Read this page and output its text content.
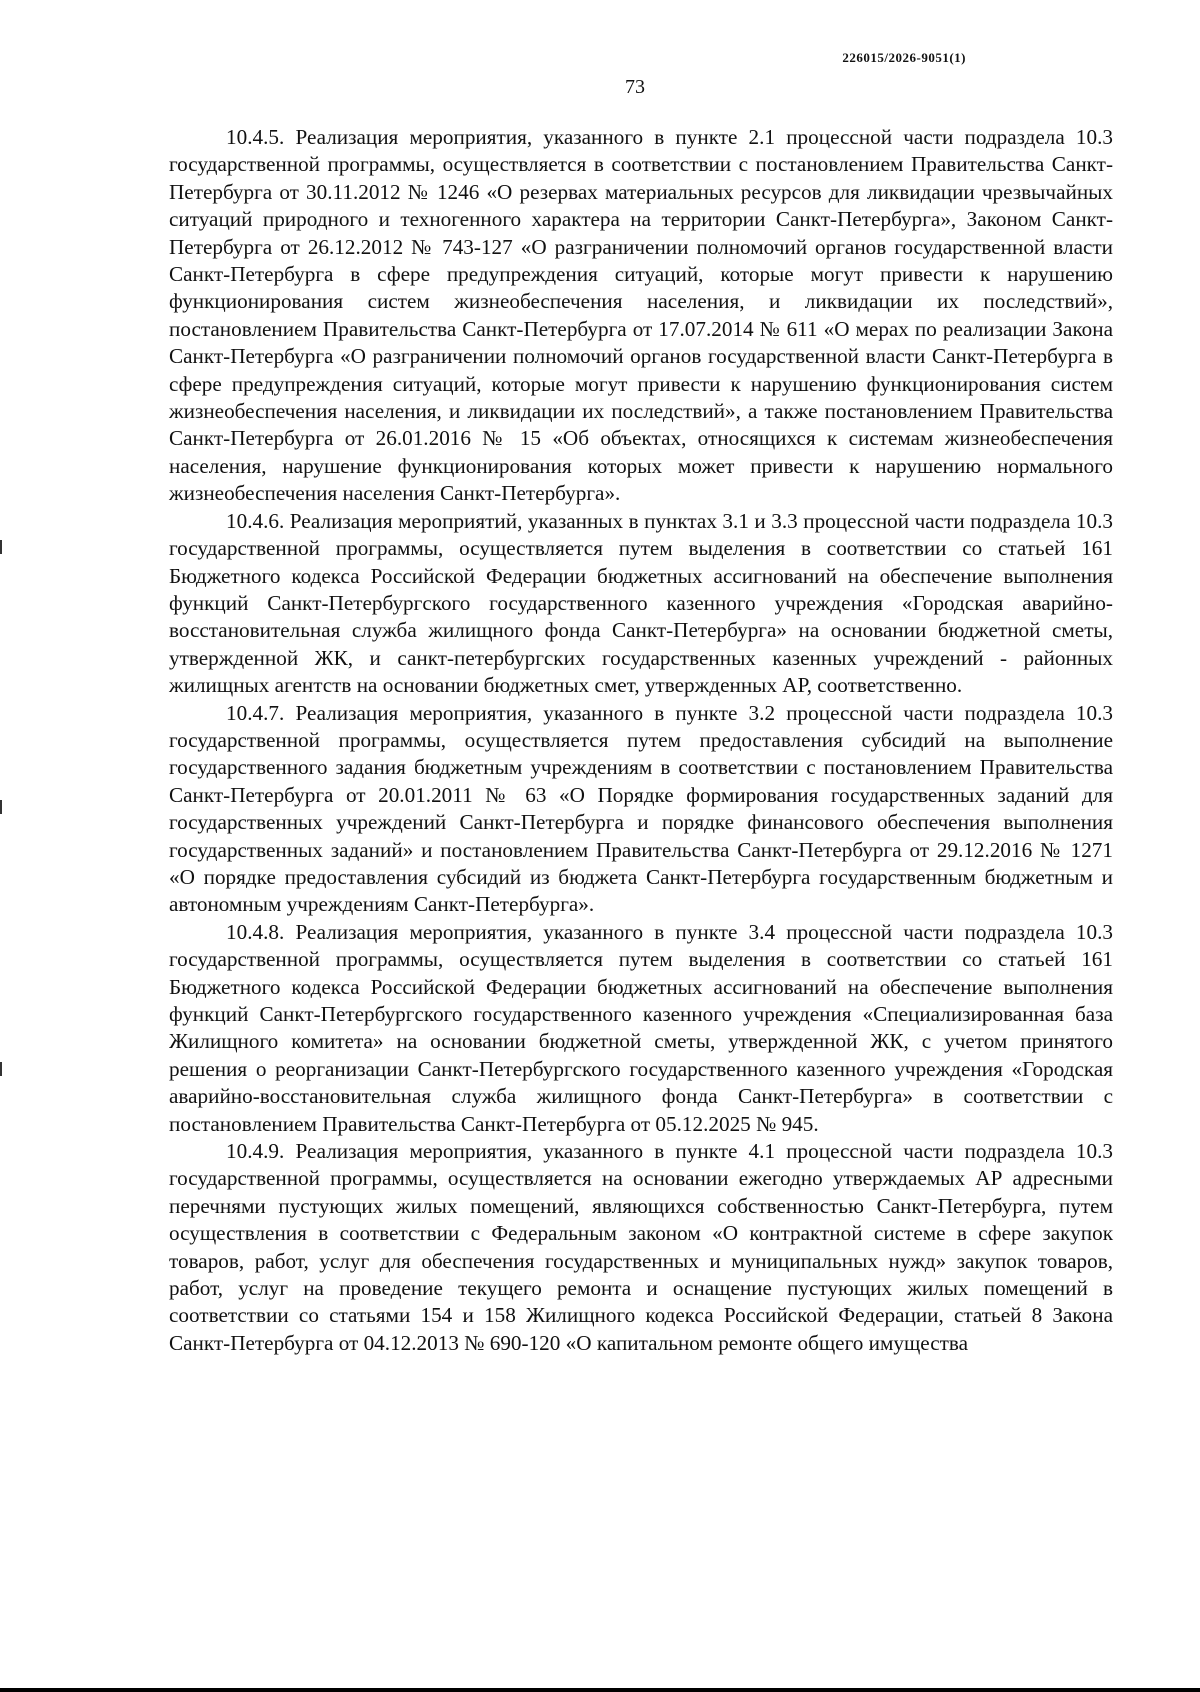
226015/2026-9051(1)
73

10.4.5. Реализация мероприятия, указанного в пункте 2.1 процессной части подраздела 10.3 государственной программы, осуществляется в соответствии с постановлением Правительства Санкт-Петербурга от 30.11.2012 № 1246 «О резервах материальных ресурсов для ликвидации чрезвычайных ситуаций природного и техногенного характера на территории Санкт-Петербурга», Законом Санкт-Петербурга от 26.12.2012 № 743-127 «О разграничении полномочий органов государственной власти Санкт-Петербурга в сфере предупреждения ситуаций, которые могут привести к нарушению функционирования систем жизнеобеспечения населения, и ликвидации их последствий», постановлением Правительства Санкт-Петербурга от 17.07.2014 № 611 «О мерах по реализации Закона Санкт-Петербурга «О разграничении полномочий органов государственной власти Санкт-Петербурга в сфере предупреждения ситуаций, которые могут привести к нарушению функционирования систем жизнеобеспечения населения, и ликвидации их последствий», а также постановлением Правительства Санкт-Петербурга от 26.01.2016 № 15 «Об объектах, относящихся к системам жизнеобеспечения населения, нарушение функционирования которых может привести к нарушению нормального жизнеобеспечения населения Санкт-Петербурга».

10.4.6. Реализация мероприятий, указанных в пунктах 3.1 и 3.3 процессной части подраздела 10.3 государственной программы, осуществляется путем выделения в соответствии со статьей 161 Бюджетного кодекса Российской Федерации бюджетных ассигнований на обеспечение выполнения функций Санкт-Петербургского государственного казенного учреждения «Городская аварийно-восстановительная служба жилищного фонда Санкт-Петербурга» на основании бюджетной сметы, утвержденной ЖК, и санкт-петербургских государственных казенных учреждений - районных жилищных агентств на основании бюджетных смет, утвержденных АР, соответственно.

10.4.7. Реализация мероприятия, указанного в пункте 3.2 процессной части подраздела 10.3 государственной программы, осуществляется путем предоставления субсидий на выполнение государственного задания бюджетным учреждениям в соответствии с постановлением Правительства Санкт-Петербурга от 20.01.2011 № 63 «О Порядке формирования государственных заданий для государственных учреждений Санкт-Петербурга и порядке финансового обеспечения выполнения государственных заданий» и постановлением Правительства Санкт-Петербурга от 29.12.2016 № 1271 «О порядке предоставления субсидий из бюджета Санкт-Петербурга государственным бюджетным и автономным учреждениям Санкт-Петербурга».

10.4.8. Реализация мероприятия, указанного в пункте 3.4 процессной части подраздела 10.3 государственной программы, осуществляется путем выделения в соответствии со статьей 161 Бюджетного кодекса Российской Федерации бюджетных ассигнований на обеспечение выполнения функций Санкт-Петербургского государственного казенного учреждения «Специализированная база Жилищного комитета» на основании бюджетной сметы, утвержденной ЖК, с учетом принятого решения о реорганизации Санкт-Петербургского государственного казенного учреждения «Городская аварийно-восстановительная служба жилищного фонда Санкт-Петербурга» в соответствии с постановлением Правительства Санкт-Петербурга от 05.12.2025 № 945.

10.4.9. Реализация мероприятия, указанного в пункте 4.1 процессной части подраздела 10.3 государственной программы, осуществляется на основании ежегодно утверждаемых АР адресными перечнями пустующих жилых помещений, являющихся собственностью Санкт-Петербурга, путем осуществления в соответствии с Федеральным законом «О контрактной системе в сфере закупок товаров, работ, услуг для обеспечения государственных и муниципальных нужд» закупок товаров, работ, услуг на проведение текущего ремонта и оснащение пустующих жилых помещений в соответствии со статьями 154 и 158 Жилищного кодекса Российской Федерации, статьей 8 Закона Санкт-Петербурга от 04.12.2013 № 690-120 «О капитальном ремонте общего имущества
